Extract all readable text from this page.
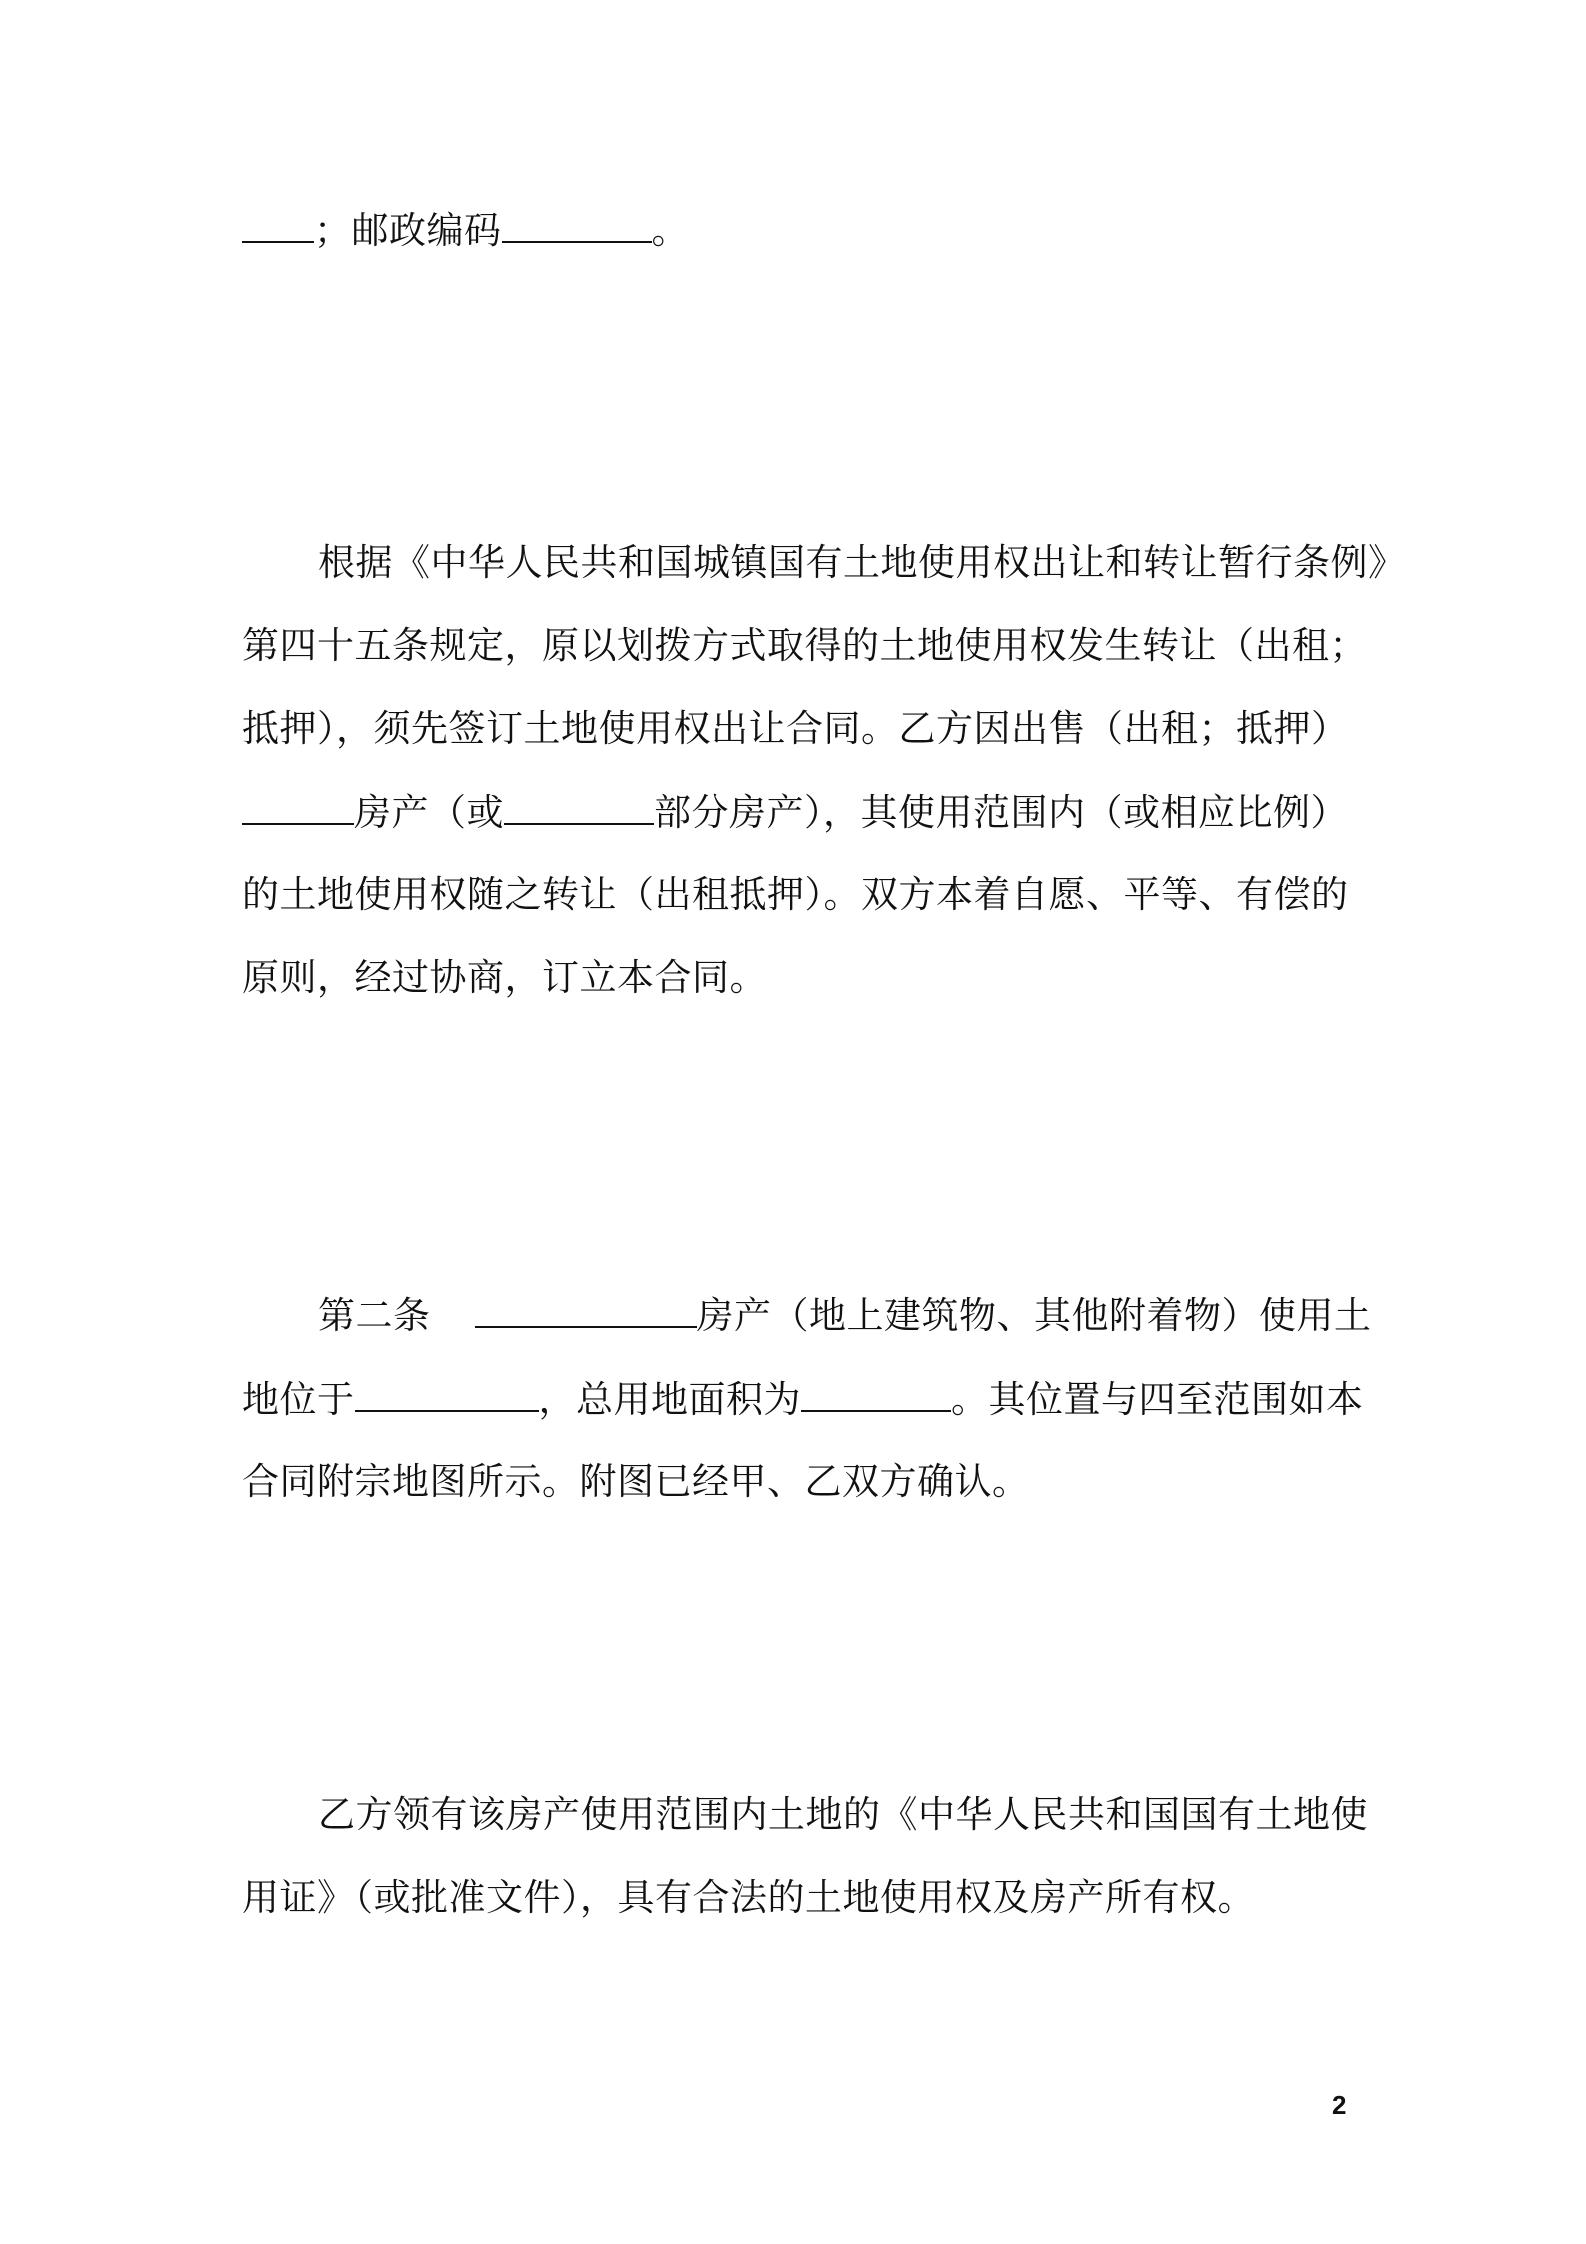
；邮政编码	。
根据《中华人民共和国城镇国有土地使用权出让和转让暂行条例》
第四十五条规定，原以划拨方式取得的土地使用权发生转让（出租；
抵押），须先签订土地使用权出让合同。乙方因出售（出租；抵押）
房产（或	部分房产），其使用范围内（或相应比例）
的土地使用权随之转让（出租抵押）。双方本着自愿、平等、有偿的
原则，经过协商，订立本合同。
第二条	房产（地上建筑物、其他附着物）使用土
地位于	，总用地面积为	。其位置与四至范围如本
合同附宗地图所示。附图已经甲、乙双方确认。
乙方领有该房产使用范围内土地的《中华人民共和国国有土地使
用证》（或批准文件），具有合法的土地使用权及房产所有权。
2
